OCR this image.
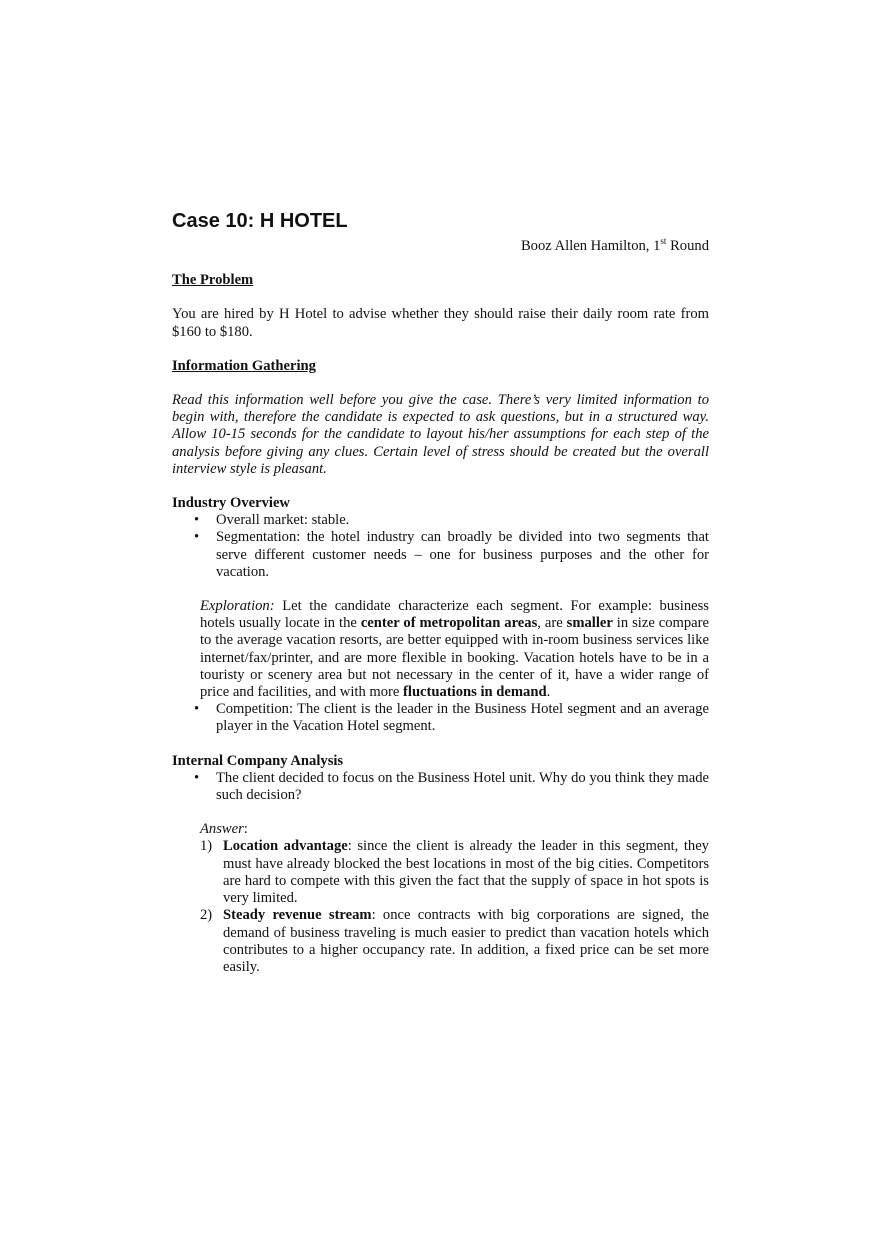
Case 10: H HOTEL
Booz Allen Hamilton, 1st Round
The Problem

You are hired by H Hotel to advise whether they should raise their daily room rate from $160 to $180.

Information Gathering

Read this information well before you give the case. There’s very limited information to begin with, therefore the candidate is expected to ask questions, but in a structured way. Allow 10-15 seconds for the candidate to layout his/her assumptions for each step of the analysis before giving any clues. Certain level of stress should be created but the overall interview style is pleasant.

Industry Overview
• Overall market: stable.
• Segmentation: the hotel industry can broadly be divided into two segments that serve different customer needs – one for business purposes and the other for vacation.

Exploration: Let the candidate characterize each segment. For example: business hotels usually locate in the center of metropolitan areas, are smaller in size compare to the average vacation resorts, are better equipped with in-room business services like internet/fax/printer, and are more flexible in booking. Vacation hotels have to be in a touristy or scenery area but not necessary in the center of it, have a wider range of price and facilities, and with more fluctuations in demand.

• Competition: The client is the leader in the Business Hotel segment and an average player in the Vacation Hotel segment.
Internal Company Analysis
• The client decided to focus on the Business Hotel unit. Why do you think they made such decision?

Answer:

1) Location advantage: since the client is already the leader in this segment, they must have already blocked the best locations in most of the big cities. Competitors are hard to compete with this given the fact that the supply of space in hot spots is very limited.
2) Steady revenue stream: once contracts with big corporations are signed, the demand of business traveling is much easier to predict than vacation hotels which contributes to a higher occupancy rate. In addition, a fixed price can be set more easily.
